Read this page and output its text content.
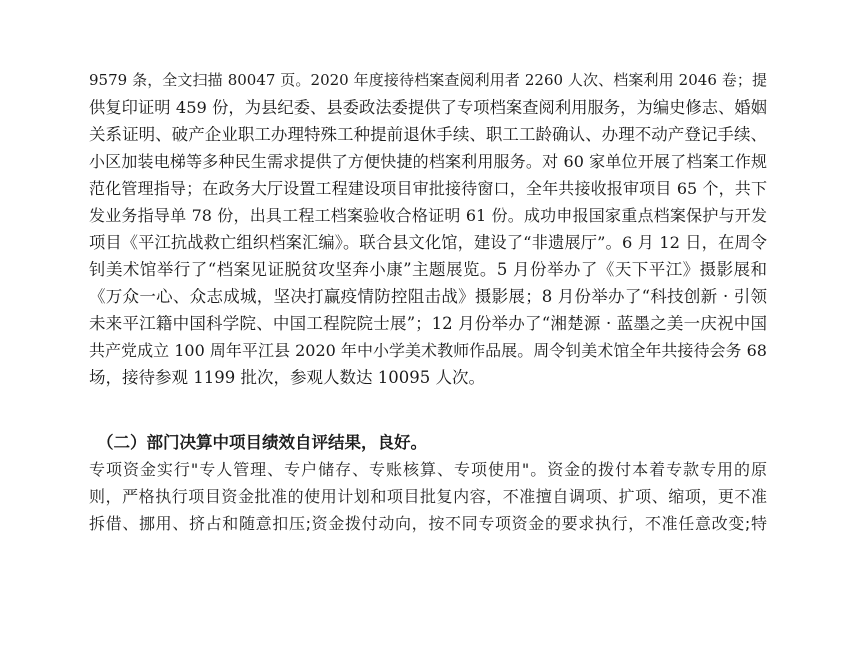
9579 条，全文扫描 80047 页。2020 年度接待档案查阅利用者 2260 人次、档案利用 2046 卷；提
供复印证明 459 份，为县纪委、县委政法委提供了专项档案查阅利用服务，为编史修志、婚姻
关系证明、破产企业职工办理特殊工种提前退休手续、职工工龄确认、办理不动产登记手续、
小区加装电梯等多种民生需求提供了方便快捷的档案利用服务。对 60 家单位开展了档案工作规
范化管理指导；在政务大厅设置工程建设项目审批接待窗口，全年共接收报审项目 65 个，共下
发业务指导单 78 份，出具工程工档案验收合格证明 61 份。成功申报国家重点档案保护与开发
项目《平江抗战救亡组织档案汇编》。联合县文化馆，建设了“非遗展厅”。6 月 12 日，在周令
钊美术馆举行了“档案见证脱贫攻坚奔小康”主题展览。5 月份举办了《天下平江》摄影展和
《万众一心、众志成城，坚决打赢疫情防控阻击战》摄影展；8 月份举办了“科技创新 · 引领
未来平江籍中国科学院、中国工程院院士展”；12 月份举办了“湘楚源 · 蓝墨之美一庆祝中国
共产党成立 100 周年平江县 2020 年中小学美术教师作品展。周令钊美术馆全年共接待会务 68
场，接待参观 1199 批次，参观人数达 10095 人次。
（二）部门决算中项目绩效自评结果，良好。
专项资金实行"专人管理、专户储存、专账核算、专项使用"。资金的拨付本着专款专用的原
则，严格执行项目资金批准的使用计划和项目批复内容，不准擅自调项、扩项、缩项，更不准
拆借、挪用、挤占和随意扣压;资金拨付动向，按不同专项资金的要求执行，不准任意改变;特
